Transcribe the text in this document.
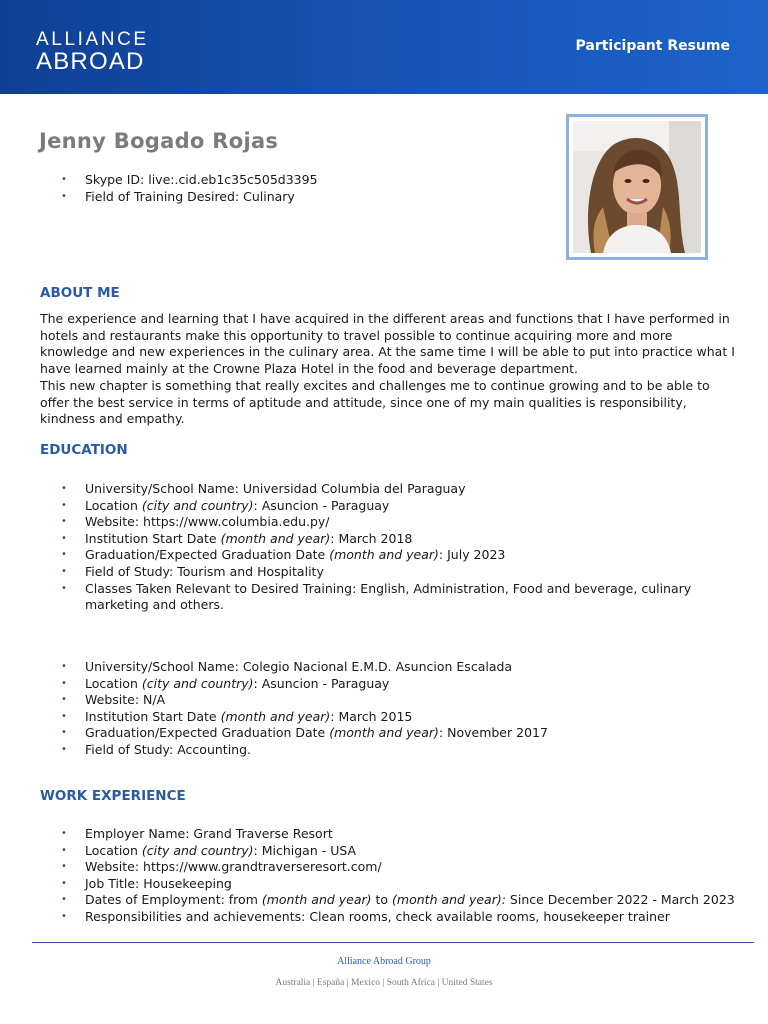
ALLIANCE
ABROAD
Participant Resume
Jenny Bogado Rojas
• Skype ID: live:.cid.eb1c35c505d3395
• Field of Training Desired: Culinary
ABOUT ME
The experience and learning that I have acquired in the different areas and functions that I have performed in hotels and restaurants make this opportunity to travel possible to continue acquiring more and more knowledge and new experiences in the culinary area. At the same time I will be able to put into practice what I have learned mainly at the Crowne Plaza Hotel in the food and beverage department.
This new chapter is something that really excites and challenges me to continue growing and to be able to offer the best service in terms of aptitude and attitude, since one of my main qualities is responsibility, kindness and empathy.
EDUCATION
• University/School Name: Universidad Columbia del Paraguay
• Location (city and country): Asuncion - Paraguay
• Website: https://www.columbia.edu.py/
• Institution Start Date (month and year): March 2018
• Graduation/Expected Graduation Date (month and year): July 2023
• Field of Study: Tourism and Hospitality
• Classes Taken Relevant to Desired Training: English, Administration, Food and beverage, culinary marketing and others.
• University/School Name: Colegio Nacional E.M.D. Asuncion Escalada
• Location (city and country): Asuncion - Paraguay
• Website: N/A
• Institution Start Date (month and year): March 2015
• Graduation/Expected Graduation Date (month and year): November 2017
• Field of Study: Accounting.
WORK EXPERIENCE
• Employer Name: Grand Traverse Resort
• Location (city and country): Michigan - USA
• Website: https://www.grandtraverseresort.com/
• Job Title: Housekeeping
• Dates of Employment: from (month and year) to (month and year): Since December 2022 - March 2023
• Responsibilities and achievements: Clean rooms, check available rooms, housekeeper trainer
Alliance Abroad Group
Australia | España | Mexico | South Africa | United States
